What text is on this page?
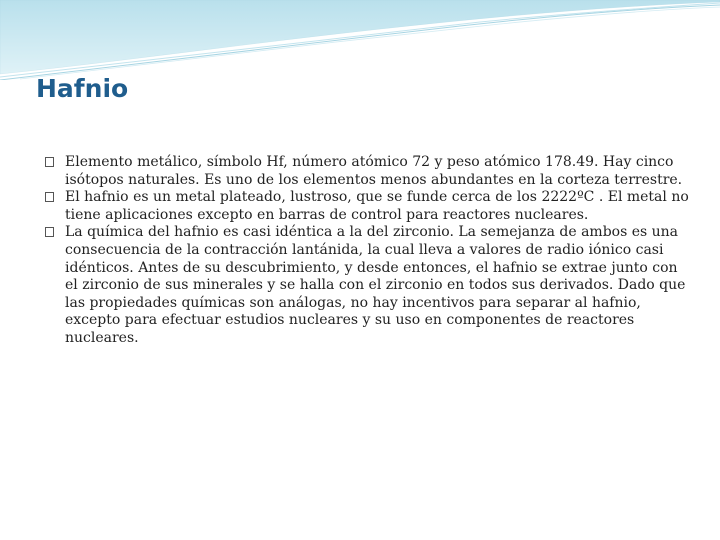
Hafnio
Elemento metálico, símbolo Hf, número atómico 72 y peso atómico 178.49. Hay cinco isótopos naturales. Es uno de los elementos menos abundantes en la corteza terrestre.
El hafnio es un metal plateado, lustroso, que se funde cerca de los 2222ºC . El metal no tiene aplicaciones excepto en barras de control para reactores nucleares.
La química del hafnio es casi idéntica a la del zirconio. La semejanza de ambos es una consecuencia de la contracción lantánida, la cual lleva a valores de radio iónico casi idénticos. Antes de su descubrimiento, y desde entonces, el hafnio se extrae junto con el zirconio de sus minerales y se halla con el zirconio en todos sus derivados. Dado que las propiedades químicas son análogas, no hay incentivos para separar al hafnio, excepto para efectuar estudios nucleares y su uso en componentes de reactores nucleares.
